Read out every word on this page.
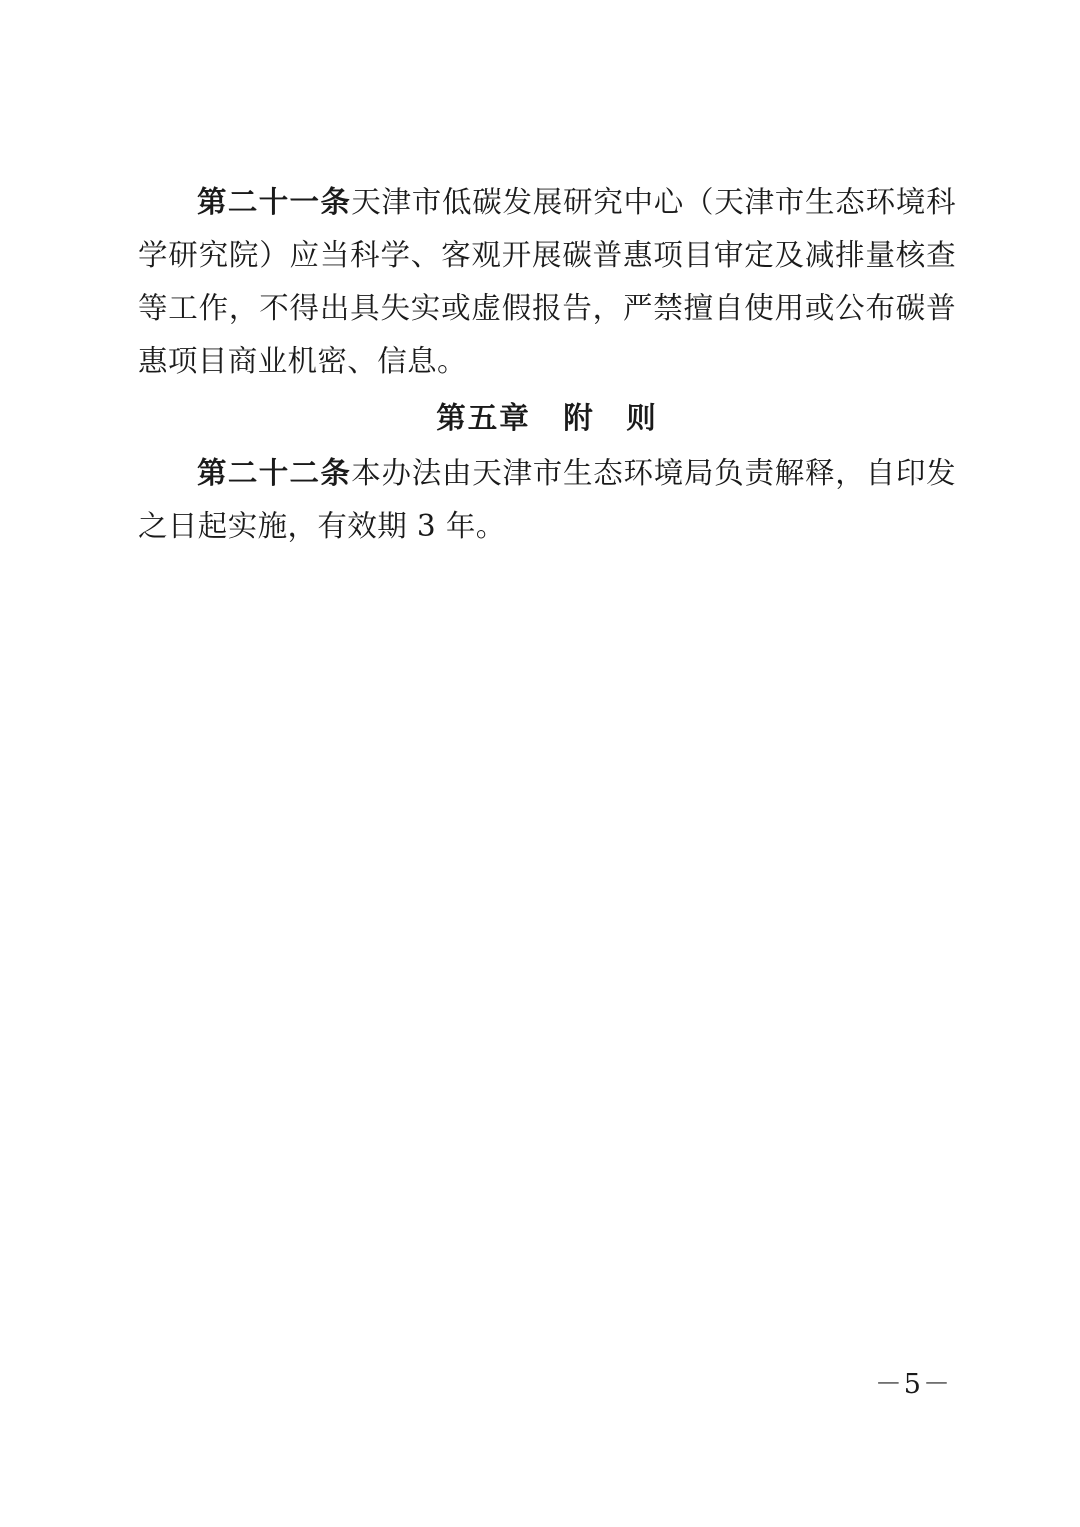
第二十一条天津市低碳发展研究中心（天津市生态环境科学研究院）应当科学、客观开展碳普惠项目审定及减排量核查等工作，不得出具失实或虚假报告，严禁擅自使用或公布碳普惠项目商业机密、信息。

第五章 附　则

第二十二条本办法由天津市生态环境局负责解释，自印发之日起实施，有效期 3 年。

－5－
